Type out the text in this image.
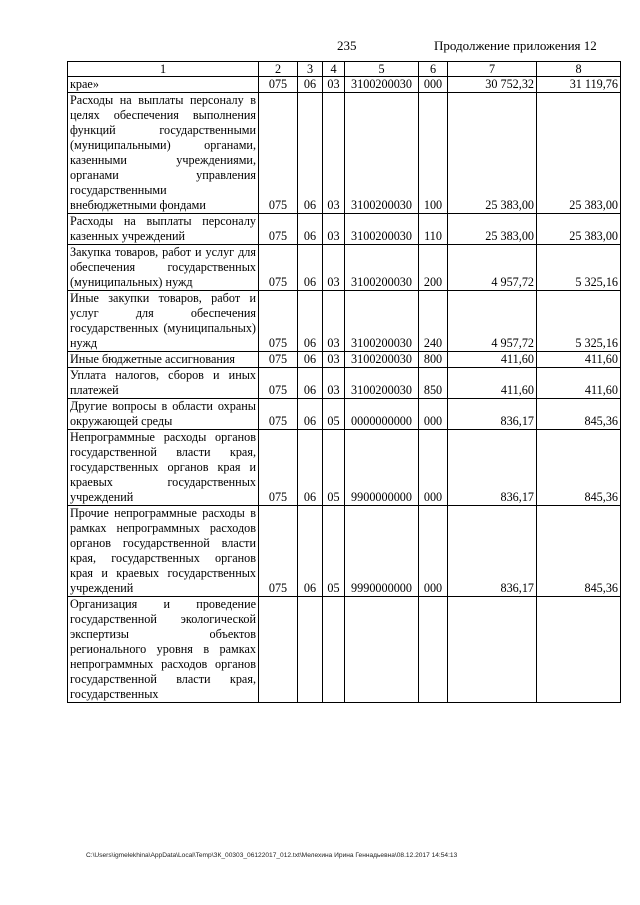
235	Продолжение приложения 12
1	2	3	4	5	6	7	8
крае»	075	06	03	3100200030	000	30 752,32	31 119,76
Расходы на выплаты персоналу в целях обеспечения выполнения функций государственными (муниципальными) органами, казенными учреждениями, органами управления государственными внебюджетными фондами	075	06	03	3100200030	100	25 383,00	25 383,00
Расходы на выплаты персоналу казенных учреждений	075	06	03	3100200030	110	25 383,00	25 383,00
Закупка товаров, работ и услуг для обеспечения государственных (муниципальных) нужд	075	06	03	3100200030	200	4 957,72	5 325,16
Иные закупки товаров, работ и услуг для обеспечения государственных (муниципальных) нужд	075	06	03	3100200030	240	4 957,72	5 325,16
Иные бюджетные ассигнования	075	06	03	3100200030	800	411,60	411,60
Уплата налогов, сборов и иных платежей	075	06	03	3100200030	850	411,60	411,60
Другие вопросы в области охраны окружающей среды	075	06	05	0000000000	000	836,17	845,36
Непрограммные расходы органов государственной власти края, государственных органов края и краевых государственных учреждений	075	06	05	9900000000	000	836,17	845,36
Прочие непрограммные расходы в рамках непрограммных расходов органов государственной власти края, государственных органов края и краевых государственных учреждений	075	06	05	9990000000	000	836,17	845,36
Организация и проведение государственной экологической экспертизы объектов регионального уровня в рамках непрограммных расходов органов государственной власти края, государственных							
C:\Users\igmelekhina\AppData\Local\Temp\ЗК_00303_06122017_012.txt\Мелехина Ирина Геннадьевна\08.12.2017 14:54:13
